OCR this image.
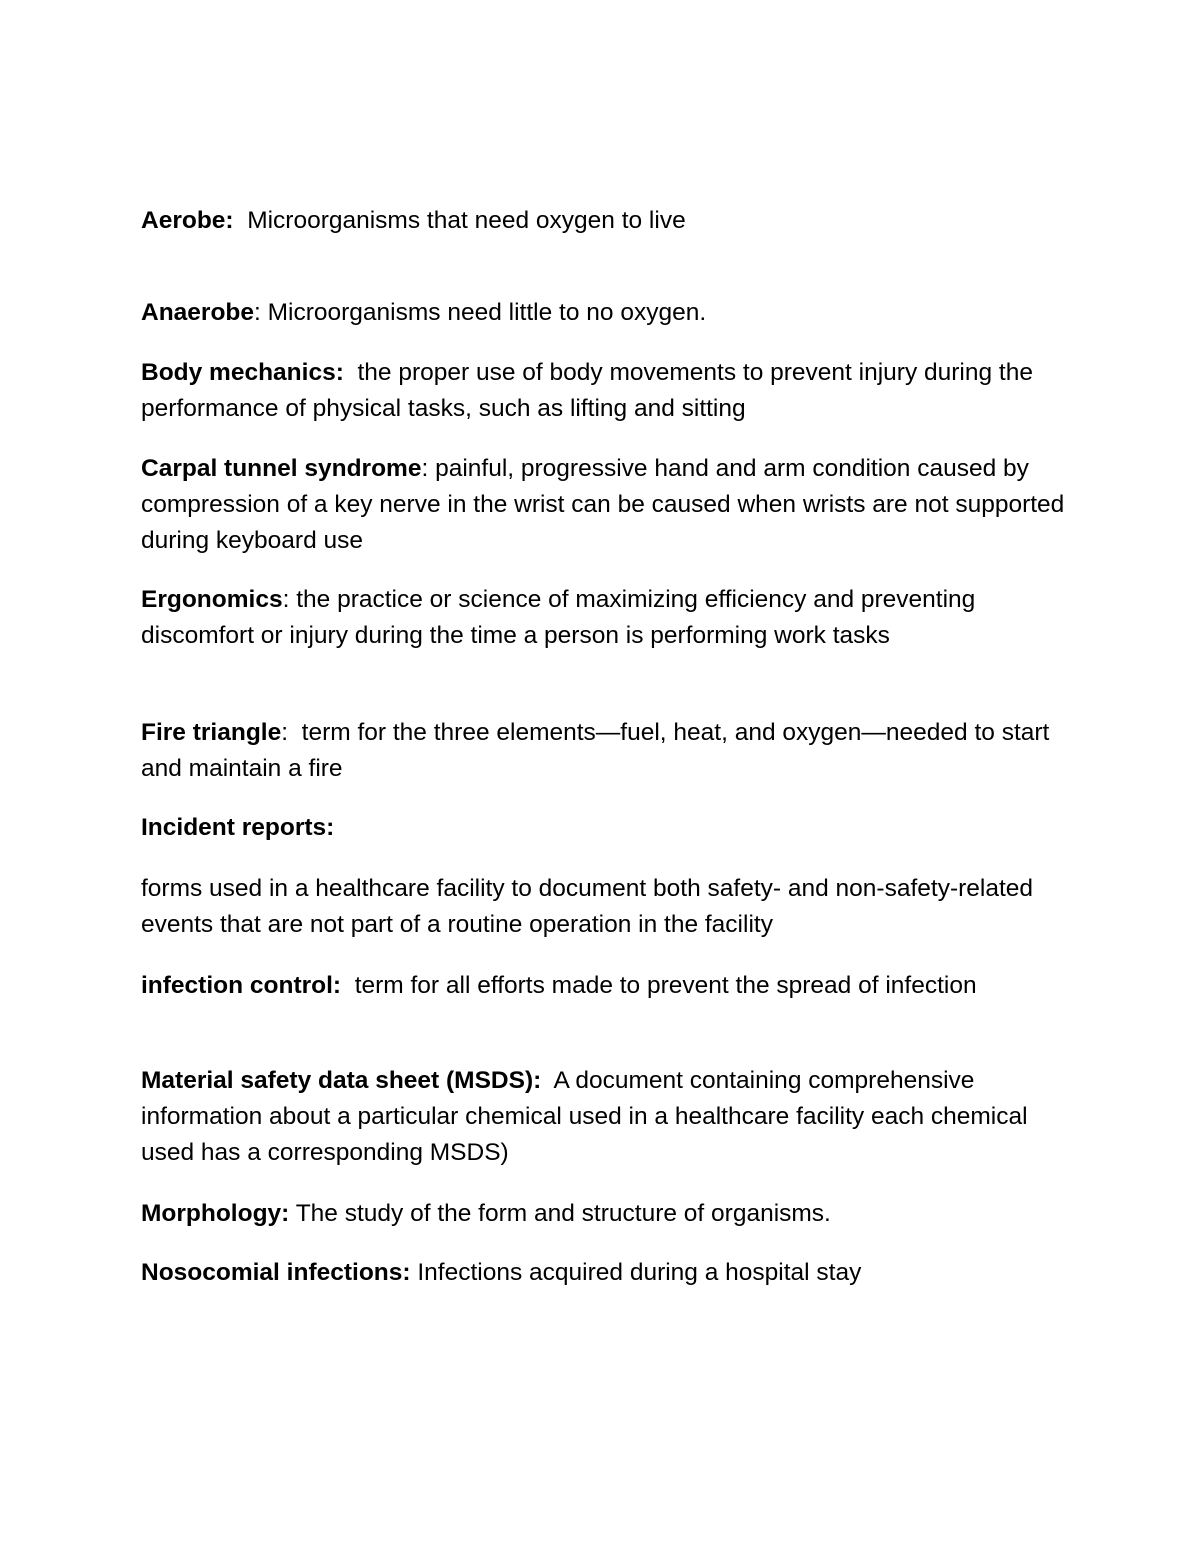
Aerobe:  Microorganisms that need oxygen to live

Anaerobe: Microorganisms need little to no oxygen.

Body mechanics:  the proper use of body movements to prevent injury during the performance of physical tasks, such as lifting and sitting

Carpal tunnel syndrome: painful, progressive hand and arm condition caused by compression of a key nerve in the wrist can be caused when wrists are not supported during keyboard use

Ergonomics: the practice or science of maximizing efficiency and preventing discomfort or injury during the time a person is performing work tasks

Fire triangle:  term for the three elements—fuel, heat, and oxygen—needed to start and maintain a fire

Incident reports:

forms used in a healthcare facility to document both safety- and non-safety-related events that are not part of a routine operation in the facility

infection control:  term for all efforts made to prevent the spread of infection

Material safety data sheet (MSDS):  A document containing comprehensive information about a particular chemical used in a healthcare facility each chemical used has a corresponding MSDS)

Morphology: The study of the form and structure of organisms.

Nosocomial infections: Infections acquired during a hospital stay
